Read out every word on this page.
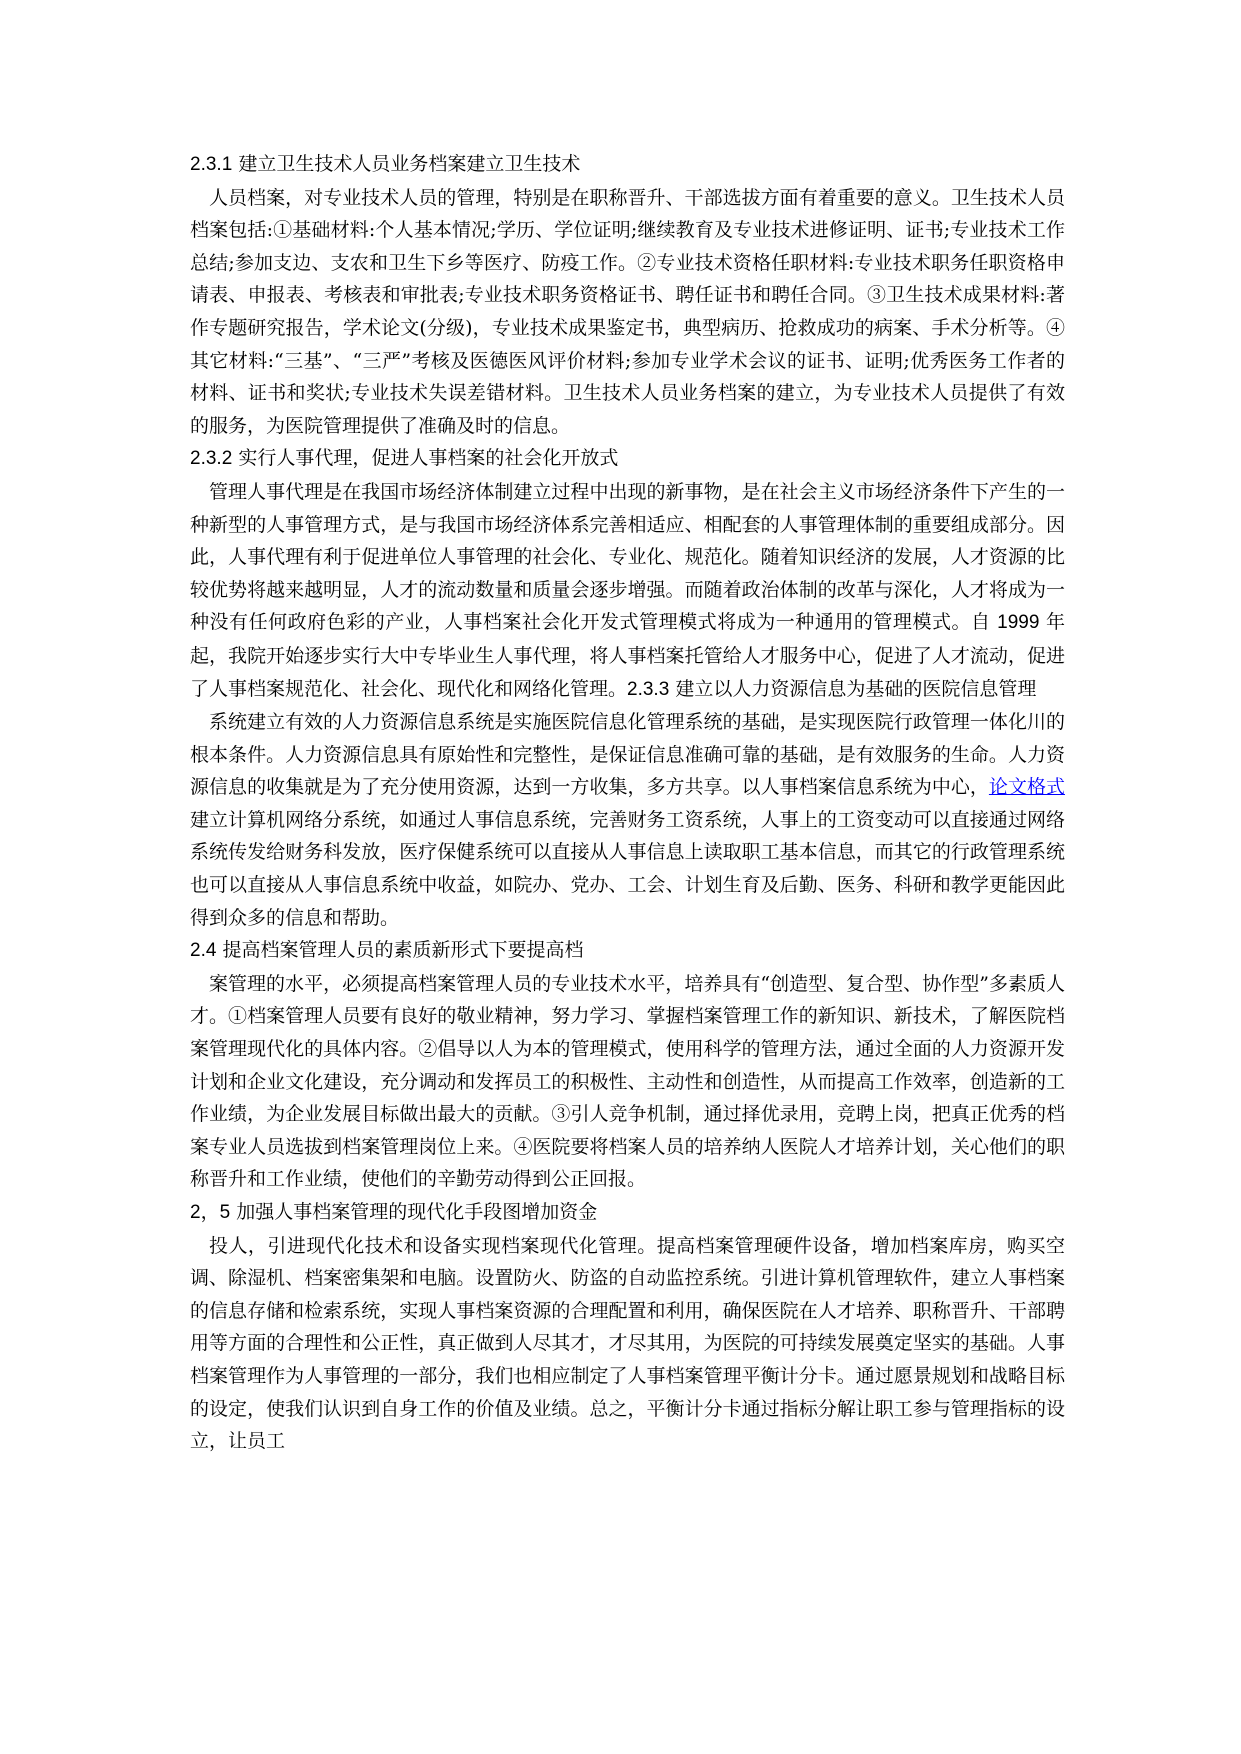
2.3.1 建立卫生技术人员业务档案建立卫生技术
人员档案，对专业技术人员的管理，特别是在职称晋升、干部选拔方面有着重要的意义。卫生技术人员档案包括:①基础材料:个人基本情况;学历、学位证明;继续教育及专业技术进修证明、证书;专业技术工作总结;参加支边、支农和卫生下乡等医疗、防疫工作。②专业技术资格任职材料:专业技术职务任职资格申请表、申报表、考核表和审批表;专业技术职务资格证书、聘任证书和聘任合同。③卫生技术成果材料:著作专题研究报告，学术论文(分级)，专业技术成果鉴定书，典型病历、抢救成功的病案、手术分析等。④其它材料:“三基”、“三严”考核及医德医风评价材料;参加专业学术会议的证书、证明;优秀医务工作者的材料、证书和奖状;专业技术失误差错材料。卫生技术人员业务档案的建立，为专业技术人员提供了有效的服务，为医院管理提供了准确及时的信息。
2.3.2 实行人事代理，促进人事档案的社会化开放式
管理人事代理是在我国市场经济体制建立过程中出现的新事物，是在社会主义市场经济条件下产生的一种新型的人事管理方式，是与我国市场经济体系完善相适应、相配套的人事管理体制的重要组成部分。因此，人事代理有利于促进单位人事管理的社会化、专业化、规范化。随着知识经济的发展，人才资源的比较优势将越来越明显，人才的流动数量和质量会逐步增强。而随着政治体制的改革与深化，人才将成为一种没有任何政府色彩的产业，人事档案社会化开发式管理模式将成为一种通用的管理模式。自 1999 年起，我院开始逐步实行大中专毕业生人事代理，将人事档案托管给人才服务中心，促进了人才流动，促进了人事档案规范化、社会化、现代化和网络化管理。2.3.3 建立以人力资源信息为基础的医院信息管理
系统建立有效的人力资源信息系统是实施医院信息化管理系统的基础，是实现医院行政管理一体化川的根本条件。人力资源信息具有原始性和完整性，是保证信息准确可靠的基础，是有效服务的生命。人力资源信息的收集就是为了充分使用资源，达到一方收集，多方共享。以人事档案信息系统为中心，论文格式建立计算机网络分系统，如通过人事信息系统，完善财务工资系统，人事上的工资变动可以直接通过网络系统传发给财务科发放，医疗保健系统可以直接从人事信息上读取职工基本信息，而其它的行政管理系统也可以直接从人事信息系统中收益，如院办、党办、工会、计划生育及后勤、医务、科研和教学更能因此得到众多的信息和帮助。
2.4 提高档案管理人员的素质新形式下要提高档
案管理的水平，必须提高档案管理人员的专业技术水平，培养具有“创造型、复合型、协作型”多素质人才。①档案管理人员要有良好的敬业精神，努力学习、掌握档案管理工作的新知识、新技术，了解医院档案管理现代化的具体内容。②倡导以人为本的管理模式，使用科学的管理方法，通过全面的人力资源开发计划和企业文化建设，充分调动和发挥员工的积极性、主动性和创造性，从而提高工作效率，创造新的工作业绩，为企业发展目标做出最大的贡献。③引人竞争机制，通过择优录用，竞聘上岗，把真正优秀的档案专业人员选拔到档案管理岗位上来。④医院要将档案人员的培养纳人医院人才培养计划，关心他们的职称晋升和工作业绩，使他们的辛勤劳动得到公正回报。
2，5 加强人事档案管理的现代化手段图增加资金
投人，引进现代化技术和设备实现档案现代化管理。提高档案管理硬件设备，增加档案库房，购买空调、除湿机、档案密集架和电脑。设置防火、防盗的自动监控系统。引进计算机管理软件，建立人事档案的信息存储和检索系统，实现人事档案资源的合理配置和利用，确保医院在人才培养、职称晋升、干部聘用等方面的合理性和公正性，真正做到人尽其才，才尽其用，为医院的可持续发展奠定坚实的基础。人事档案管理作为人事管理的一部分，我们也相应制定了人事档案管理平衡计分卡。通过愿景规划和战略目标的设定，使我们认识到自身工作的价值及业绩。总之，平衡计分卡通过指标分解让职工参与管理指标的设立，让员工
